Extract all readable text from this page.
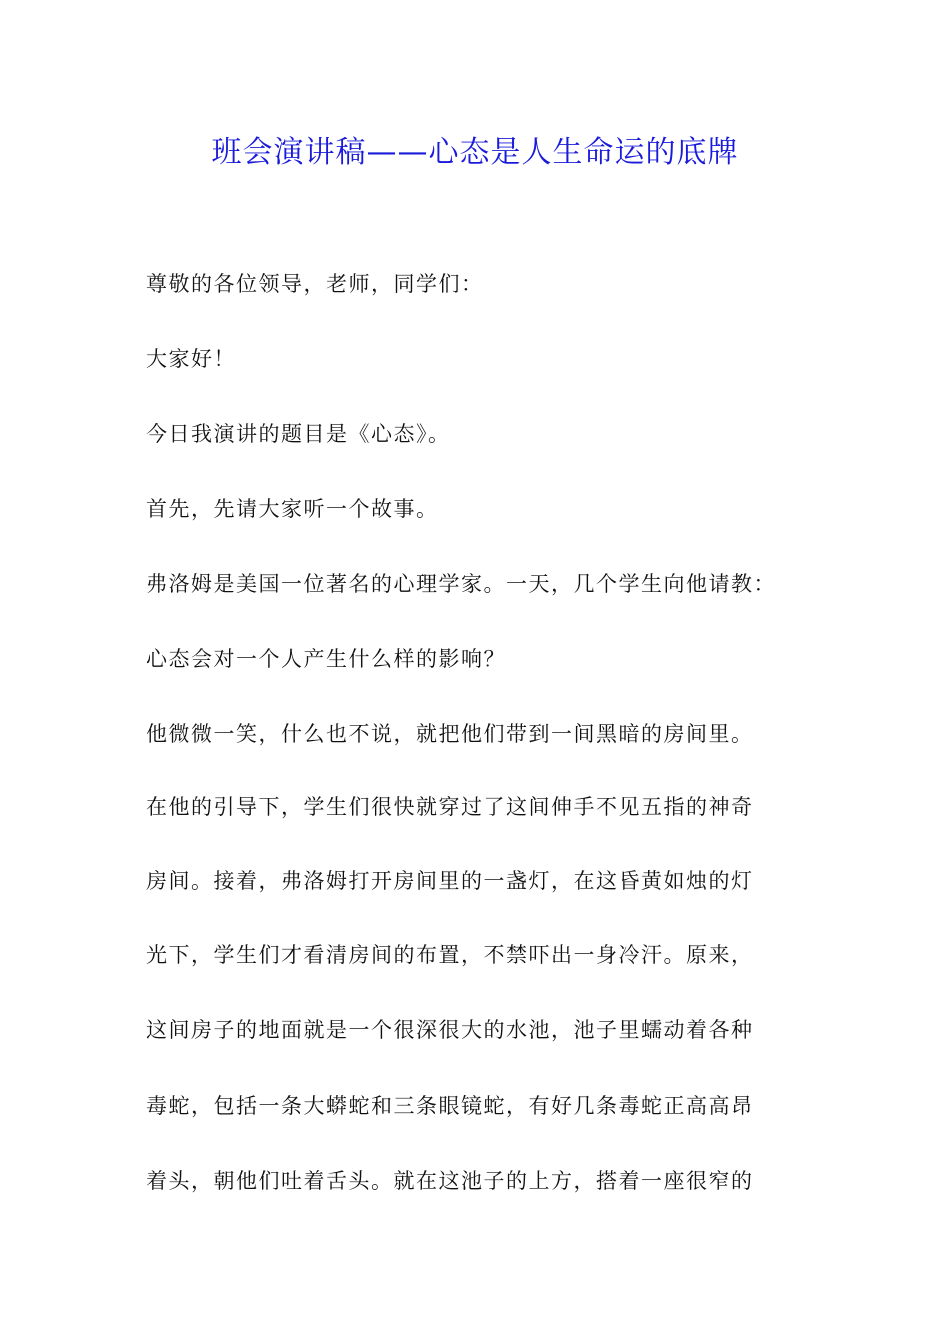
班会演讲稿——心态是人生命运的底牌

尊敬的各位领导，老师，同学们：

大家好！

今日我演讲的题目是《心态》。

首先，先请大家听一个故事。

弗洛姆是美国一位著名的心理学家。一天，几个学生向他请教：

心态会对一个人产生什么样的影响？

他微微一笑，什么也不说，就把他们带到一间黑暗的房间里。

在他的引导下，学生们很快就穿过了这间伸手不见五指的神奇

房间。接着，弗洛姆打开房间里的一盏灯，在这昏黄如烛的灯

光下，学生们才看清房间的布置，不禁吓出一身冷汗。原来，

这间房子的地面就是一个很深很大的水池，池子里蠕动着各种

毒蛇，包括一条大蟒蛇和三条眼镜蛇，有好几条毒蛇正高高昂

着头，朝他们吐着舌头。就在这池子的上方，搭着一座很窄的
